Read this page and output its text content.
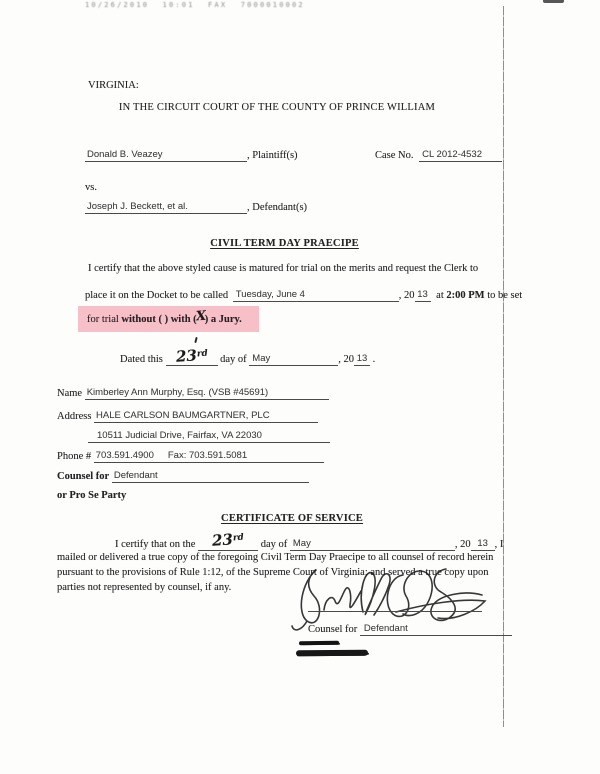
10/26/2010 10:01 FAX 7000010002
VIRGINIA:
IN THE CIRCUIT COURT OF THE COUNTY OF PRINCE WILLIAM
Donald B. Veazey	, Plaintiff(s)	Case No. CL 2012-4532
vs.
Joseph J. Beckett, et al.	, Defendant(s)
CIVIL TERM DAY PRAECIPE
I certify that the above styled cause is matured for trial on the merits and request the Clerk to
place it on the Docket to be called Tuesday, June 4	, 20 13 at 2:00 PM to be set
for trial without ( ) with (X) a Jury.
Dated this 23rd day of May	, 20 13 .
Name Kimberley Ann Murphy, Esq. (VSB #45691)
Address HALE CARLSON BAUMGARTNER, PLC
10511 Judicial Drive, Fairfax, VA 22030
Phone # 703.591.4900 Fax: 703.591.5081
Counsel for Defendant
or Pro Se Party
CERTIFICATE OF SERVICE
I certify that on the 23rd day of May	, 20 13 , I
mailed or delivered a true copy of the foregoing Civil Term Day Praecipe to all counsel of record herein
pursuant to the provisions of Rule 1:12, of the Supreme Court of Virginia; and served a true copy upon
parties not represented by counsel, if any.
Counsel for Defendant
